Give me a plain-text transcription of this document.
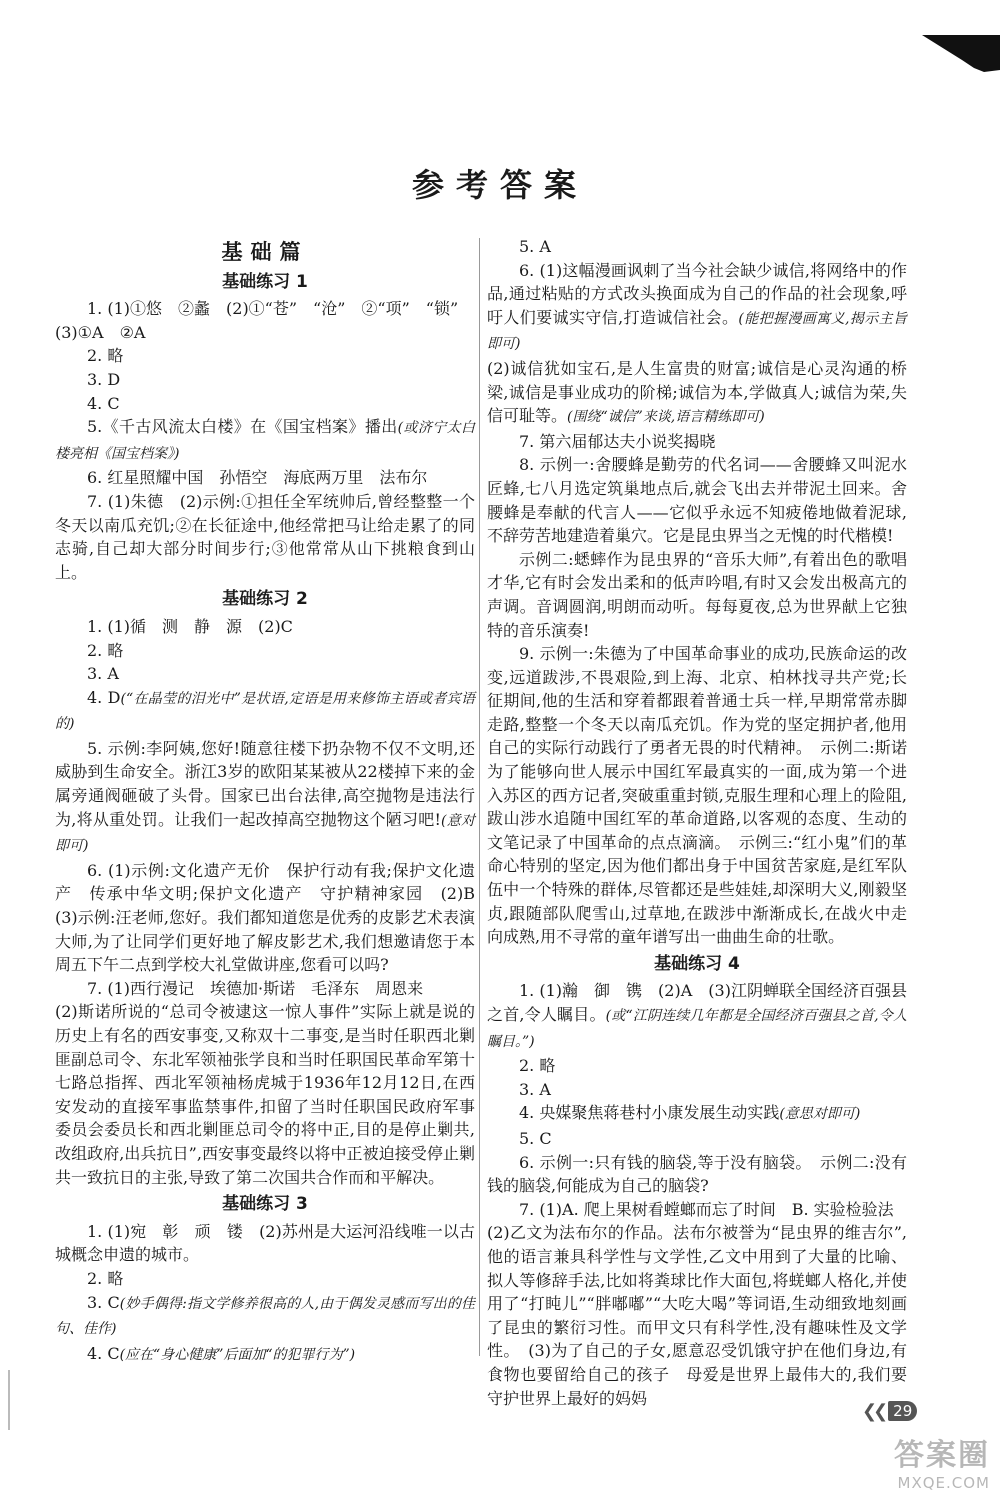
参考答案
基础篇
基础练习 1

1. (1)①悠　②蠡　(2)①“苍”　“沧”　②“项”　“锁”

(3)①A　②A

2. 略

3. D

4. C

5.《千古风流太白楼》在《国宝档案》播出(或济宁太白楼亮相《国宝档案》)

6. 红星照耀中国　孙悟空　海底两万里　法布尔

7. (1)朱德　(2)示例:①担任全军统帅后,曾经整整一个冬天以南瓜充饥;②在长征途中,他经常把马让给走累了的同志骑,自己却大部分时间步行;③他常常从山下挑粮食到山上。

基础练习 2

1. (1)循　测　静　源　(2)C

2. 略

3. A

4. D(“在晶莹的泪光中”是状语,定语是用来修饰主语或者宾语的)

5. 示例:李阿姨,您好!随意往楼下扔杂物不仅不文明,还威胁到生命安全。浙江3岁的欧阳某某被从22楼掉下来的金属旁通阀砸破了头骨。国家已出台法律,高空抛物是违法行为,将从重处罚。让我们一起改掉高空抛物这个陋习吧!(意对即可)

6. (1)示例:文化遗产无价　保护行动有我;保护文化遗产　传承中华文明;保护文化遗产　守护精神家园　(2)B　(3)示例:汪老师,您好。我们都知道您是优秀的皮影艺术表演大师,为了让同学们更好地了解皮影艺术,我们想邀请您于本周五下午二点到学校大礼堂做讲座,您看可以吗?

7. (1)西行漫记　埃德加·斯诺　毛泽东　周恩来

(2)斯诺所说的“总司令被逮这一惊人事件”实际上就是说的历史上有名的西安事变,又称双十二事变,是当时任职西北剿匪副总司令、东北军领袖张学良和当时任职国民革命军第十七路总指挥、西北军领袖杨虎城于1936年12月12日,在西安发动的直接军事监禁事件,扣留了当时任职国民政府军事委员会委员长和西北剿匪总司令的将中正,目的是停止剿共,改组政府,出兵抗日”,西安事变最终以将中正被迫接受停止剿共一致抗日的主张,导致了第二次国共合作而和平解决。

基础练习 3

1. (1)宛　彰　顽　镂　(2)苏州是大运河沿线唯一以古城概念申遗的城市。

2. 略

3. C(妙手偶得:指文学修养很高的人,由于偶发灵感而写出的佳句、佳作)

4. C(应在“身心健康”后面加“的犯罪行为”)

5. A

6. (1)这幅漫画讽刺了当今社会缺少诚信,将网络中的作品,通过粘贴的方式改头换面成为自己的作品的社会现象,呼吁人们要诚实守信,打造诚信社会。(能把握漫画寓义,揭示主旨即可)

(2)诚信犹如宝石,是人生富贵的财富;诚信是心灵沟通的桥梁,诚信是事业成功的阶梯;诚信为本,学做真人;诚信为荣,失信可耻等。(围绕“诚信”来谈,语言精练即可)

7. 第六届郁达夫小说奖揭晓

8. 示例一:舍腰蜂是勤劳的代名词——舍腰蜂又叫泥水匠蜂,七八月选定筑巢地点后,就会飞出去并带泥土回来。舍腰蜂是奉献的代言人——它似乎永远不知疲倦地做着泥球,不辞劳苦地建造着巢穴。它是昆虫界当之无愧的时代楷模!

示例二:蟋蟀作为昆虫界的“音乐大师”,有着出色的歌唱才华,它有时会发出柔和的低声吟唱,有时又会发出极高亢的声调。音调圆润,明朗而动听。每每夏夜,总为世界献上它独特的音乐演奏!

9. 示例一:朱德为了中国革命事业的成功,民族命运的改变,远道跋涉,不畏艰险,到上海、北京、柏林找寻共产党;长征期间,他的生活和穿着都跟着普通士兵一样,早期常常赤脚走路,整整一个冬天以南瓜充饥。作为党的坚定拥护者,他用自己的实际行动践行了勇者无畏的时代精神。　示例二:斯诺为了能够向世人展示中国红军最真实的一面,成为第一个进入苏区的西方记者,突破重重封锁,克服生理和心理上的险阻,跋山涉水追随中国红军的革命道路,以客观的态度、生动的文笔记录了中国革命的点点滴滴。　示例三:“红小鬼”们的革命心特别的坚定,因为他们都出身于中国贫苦家庭,是红军队伍中一个特殊的群体,尽管都还是些娃娃,却深明大义,刚毅坚贞,跟随部队爬雪山,过草地,在跋涉中渐渐成长,在战火中走向成熟,用不寻常的童年谱写出一曲曲生命的壮歌。

基础练习 4

1. (1)瀚　御　镌　(2)A　(3)江阴蝉联全国经济百强县之首,令人瞩目。(或“江阴连续几年都是全国经济百强县之首,令人瞩目。”)

2. 略

3. A

4. 央媒聚焦蒋巷村小康发展生动实践(意思对即可)

5. C

6. 示例一:只有钱的脑袋,等于没有脑袋。　示例二:没有钱的脑袋,何能成为自己的脑袋?

7. (1)A. 爬上果树看螳螂而忘了时间　B. 实验检验法

(2)乙文为法布尔的作品。法布尔被誉为“昆虫界的维吉尔”,他的语言兼具科学性与文学性,乙文中用到了大量的比喻、拟人等修辞手法,比如将粪球比作大面包,将蜣螂人格化,并使用了“打盹儿”“胖嘟嘟”“大吃大喝”等词语,生动细致地刻画了昆虫的繁衍习性。而甲文只有科学性,没有趣味性及文学性。　(3)为了自己的子女,愿意忍受饥饿守护在他们身边,有食物也要留给自己的孩子　母爱是世界上最伟大的,我们要守护世界上最好的妈妈

❮❮ 29
答案圈
MXQE.COM
